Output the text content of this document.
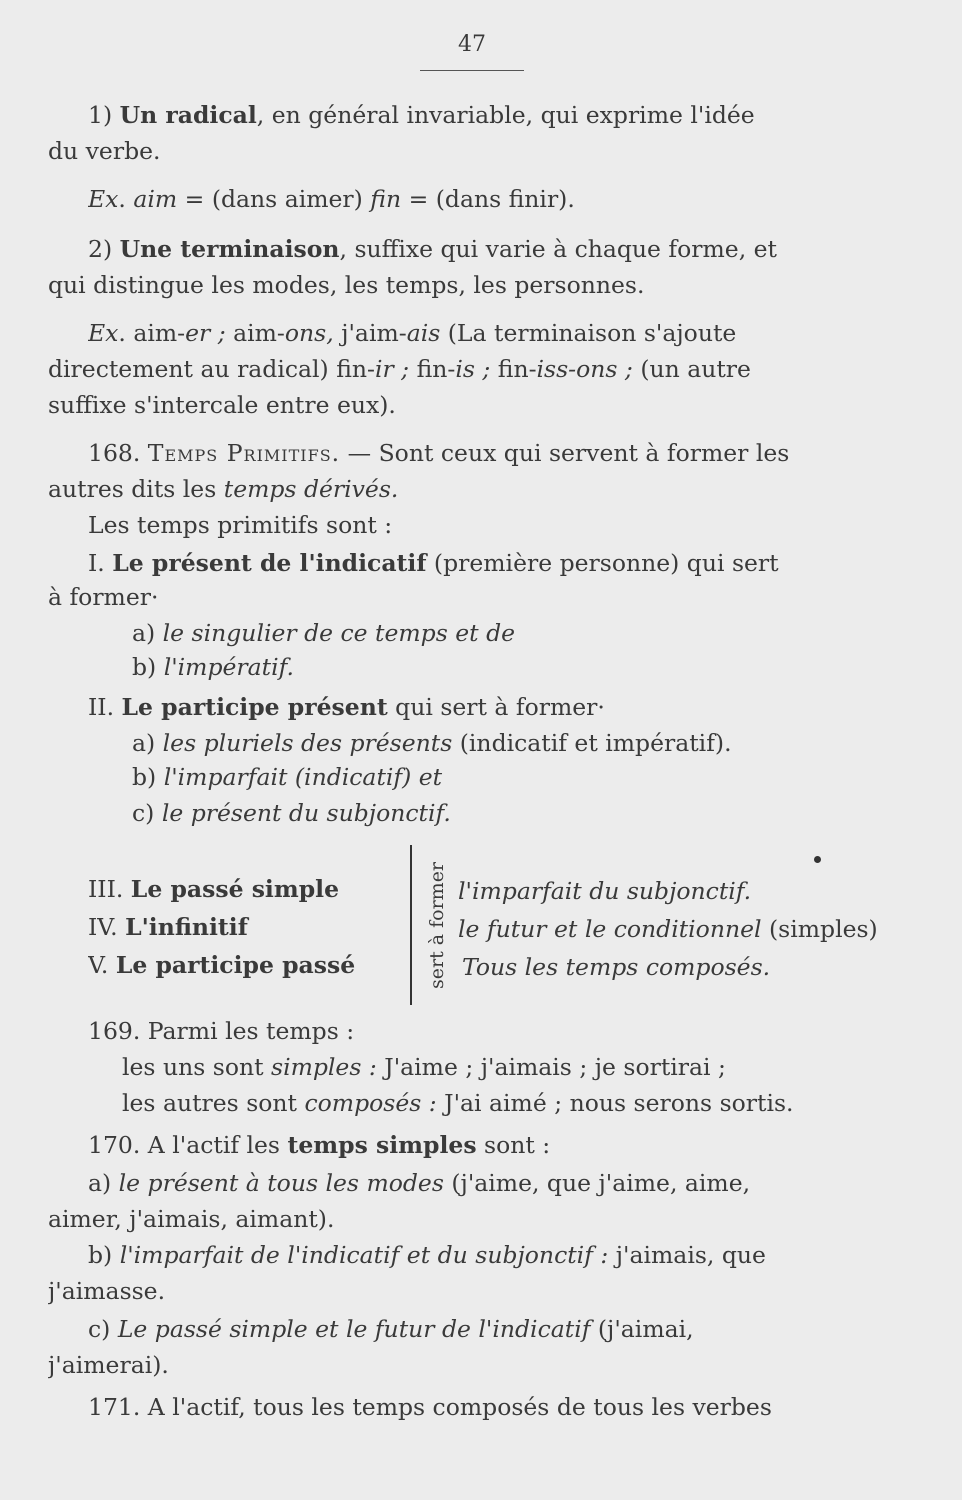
47
1) Un radical, en général invariable, qui exprime l'idée
du verbe.
Ex. aim = (dans aimer) fin = (dans finir).
2) Une terminaison, suffixe qui varie à chaque forme, et
qui distingue les modes, les temps, les personnes.
Ex. aim-er ; aim-ons, j'aim-ais (La terminaison s'ajoute
directement au radical) fin-ir ; fin-is ; fin-iss-ons ; (un autre
suffixe s'intercale entre eux).
168. Temps Primitifs. — Sont ceux qui servent à former les
autres dits les temps dérivés.
Les temps primitifs sont :
I. Le présent de l'indicatif (première personne) qui sert
à former·
a) le singulier de ce temps et de
b) l'impératif.
II. Le participe présent qui sert à former·
a) les pluriels des présents (indicatif et impératif).
b) l'imparfait (indicatif) et
c) le présent du subjonctif.
III. Le passé simple
IV. L'infinitif
V. Le participe passé
l'imparfait du subjonctif.
le futur et le conditionnel (simples)
Tous les temps composés.
169. Parmi les temps :
les uns sont simples : J'aime ; j'aimais ; je sortirai ;
les autres sont composés : J'ai aimé ; nous serons sortis.
170. A l'actif les temps simples sont :
a) le présent à tous les modes (j'aime, que j'aime, aime,
aimer, j'aimais, aimant).
b) l'imparfait de l'indicatif et du subjonctif : j'aimais, que
j'aimasse.
c) Le passé simple et le futur de l'indicatif (j'aimai,
j'aimerai).
171. A l'actif, tous les temps composés de tous les verbes
sert à former
